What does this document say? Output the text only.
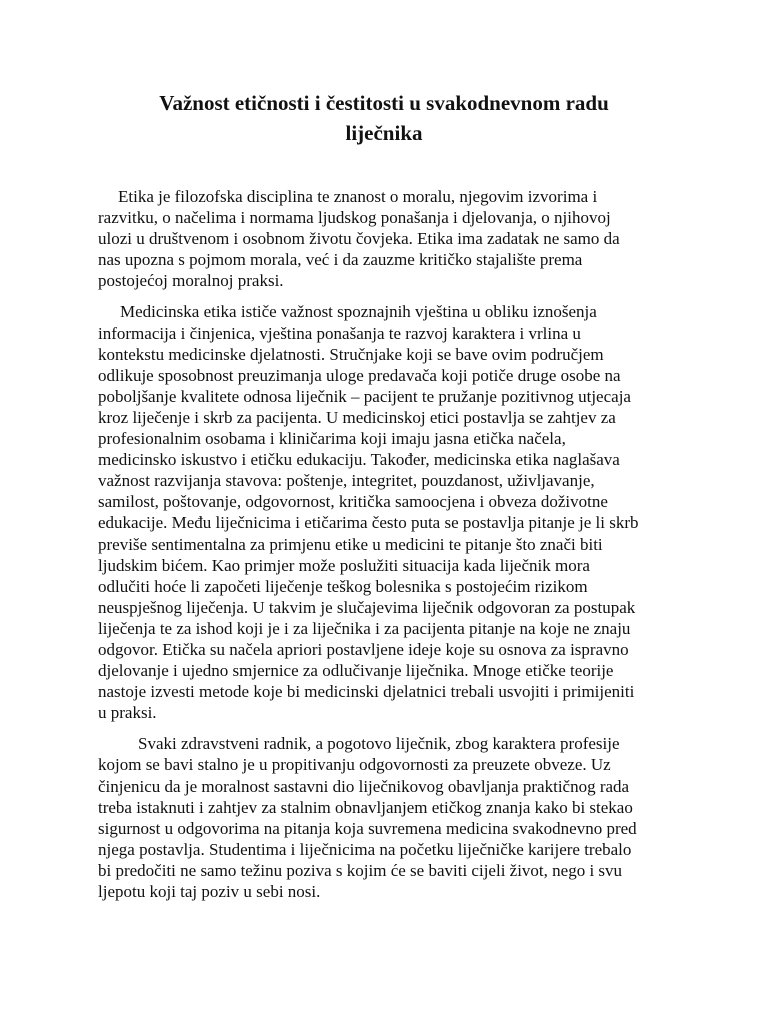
Važnost etičnosti i čestitosti u svakodnevnom radu
liječnika

Etika je filozofska disciplina te znanost o moralu, njegovim izvorima i
razvitku, o načelima i normama ljudskog ponašanja i djelovanja, o njihovoj
ulozi u društvenom i osobnom životu čovjeka. Etika ima zadatak ne samo da
nas upozna s pojmom morala, već i da zauzme kritičko stajalište prema
postojećoj moralnoj praksi.

Medicinska etika ističe važnost spoznajnih vještina u obliku iznošenja
informacija i činjenica, vještina ponašanja te razvoj karaktera i vrlina u
kontekstu medicinske djelatnosti. Stručnjake koji se bave ovim područjem
odlikuje sposobnost preuzimanja uloge predavača koji potiče druge osobe na
poboljšanje kvalitete odnosa liječnik – pacijent te pružanje pozitivnog utjecaja
kroz liječenje i skrb za pacijenta. U medicinskoj etici postavlja se zahtjev za
profesionalnim osobama i kliničarima koji imaju jasna etička načela,
medicinsko iskustvo i etičku edukaciju. Također, medicinska etika naglašava
važnost razvijanja stavova: poštenje, integritet, pouzdanost, uživljavanje,
samilost, poštovanje, odgovornost, kritička samoocjena i obveza doživotne
edukacije. Među liječnicima i etičarima često puta se postavlja pitanje je li skrb
previše sentimentalna za primjenu etike u medicini te pitanje što znači biti
ljudskim bićem. Kao primjer može poslužiti situacija kada liječnik mora
odlučiti hoće li započeti liječenje teškog bolesnika s postojećim rizikom
neuspješnog liječenja. U takvim je slučajevima liječnik odgovoran za postupak
liječenja te za ishod koji je i za liječnika i za pacijenta pitanje na koje ne znaju
odgovor. Etička su načela apriori postavljene ideje koje su osnova za ispravno
djelovanje i ujedno smjernice za odlučivanje liječnika. Mnoge etičke teorije
nastoje izvesti metode koje bi medicinski djelatnici trebali usvojiti i primijeniti
u praksi.

Svaki zdravstveni radnik, a pogotovo liječnik, zbog karaktera profesije
kojom se bavi stalno je u propitivanju odgovornosti za preuzete obveze. Uz
činjenicu da je moralnost sastavni dio liječnikovog obavljanja praktičnog rada
treba istaknuti i zahtjev za stalnim obnavljanjem etičkog znanja kako bi stekao
sigurnost u odgovorima na pitanja koja suvremena medicina svakodnevno pred
njega postavlja. Studentima i liječnicima na početku liječničke karijere trebalo
bi predočiti ne samo težinu poziva s kojim će se baviti cijeli život, nego i svu
ljepotu koji taj poziv u sebi nosi.
